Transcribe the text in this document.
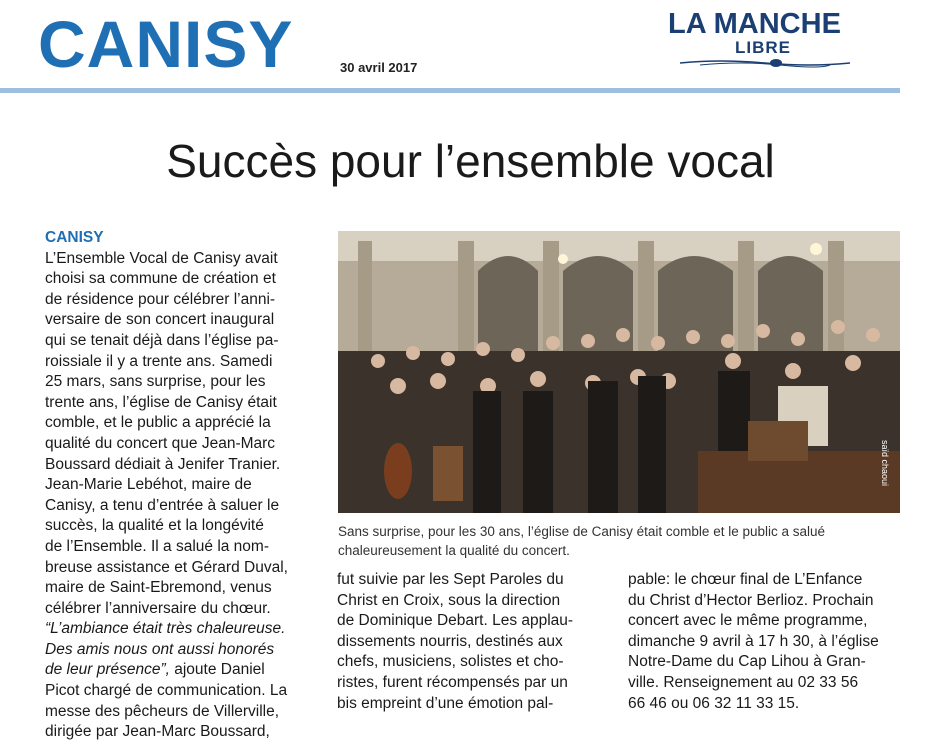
CANISY	30 avril 2017
LA MANCHE
LIBRE
Succès pour l’ensemble vocal
CANISY
L’Ensemble Vocal de Canisy avait
choisi sa commune de création et
de résidence pour célébrer l’anni-
versaire de son concert inaugural
qui se tenait déjà dans l’église pa-
roissiale il y a trente ans. Samedi
25 mars, sans surprise, pour les
trente ans, l’église de Canisy était
comble, et le public a apprécié la
qualité du concert que Jean-Marc
Boussard dédiait à Jenifer Tranier.
Jean-Marie Lebéhot, maire de
Canisy, a tenu d’entrée à saluer le
succès, la qualité et la longévité
de l’Ensemble. Il a salué la nom-
breuse assistance et Gérard Duval,
maire de Saint-Ebremond, venus
célébrer l’anniversaire du chœur.
“L’ambiance était très chaleureuse.
Des amis nous ont aussi honorés
de leur présence”, ajoute Daniel
Picot chargé de communication. La
messe des pêcheurs de Villerville,
dirigée par Jean-Marc Boussard,
saïd chaoui
Sans surprise, pour les 30 ans, l’église de Canisy était comble et le public a salué chaleureusement la qualité du concert.
fut suivie par les Sept Paroles du
Christ en Croix, sous la direction
de Dominique Debart. Les applau-
dissements nourris, destinés aux
chefs, musiciens, solistes et cho-
ristes, furent récompensés par un
bis empreint d’une émotion pal-
pable: le chœur final de L’Enfance
du Christ d’Hector Berlioz. Prochain
concert avec le même programme,
dimanche 9 avril à 17 h 30, à l’église
Notre-Dame du Cap Lihou à Gran-
ville. Renseignement au 02 33 56
66 46 ou 06 32 11 33 15.
